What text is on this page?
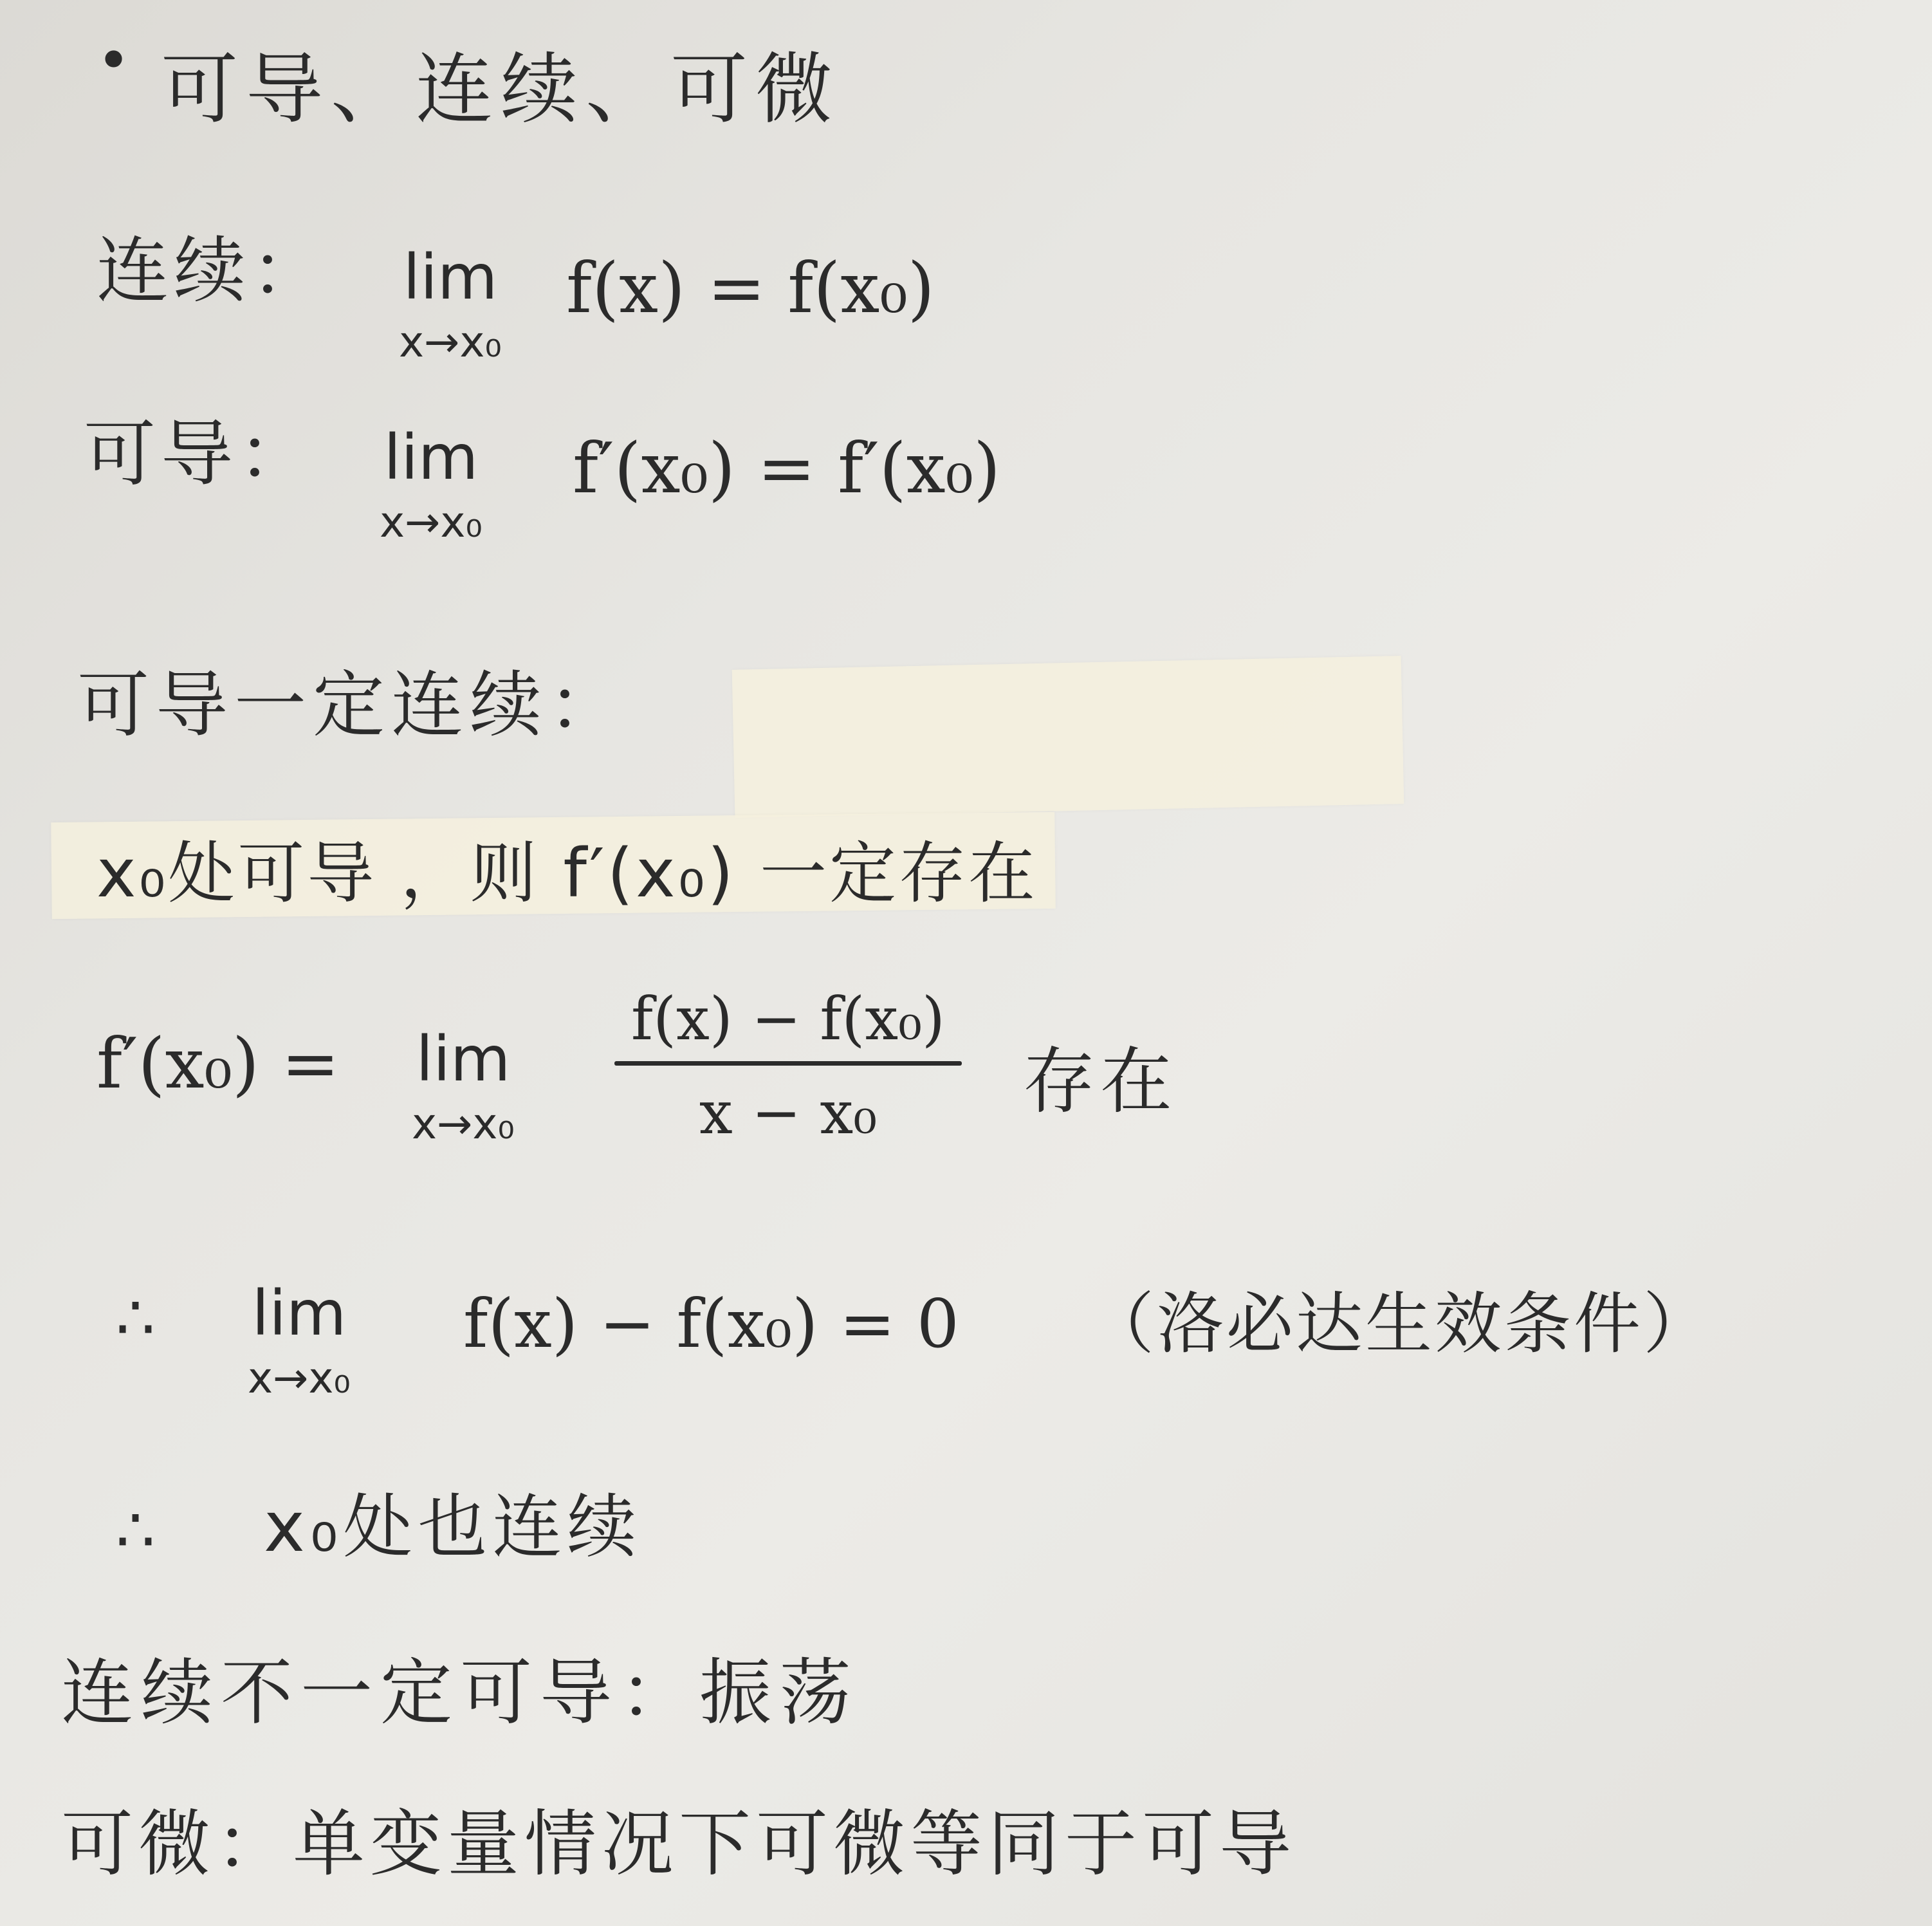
• 可导、连续、可微
连续： lim
x→x₀
f(x) = f(x₀)
可导： lim
x→x₀
f′(x₀) = f′(x₀)
可导一定连续：
x₀处可导 ，则 f′(x₀) 一定存在
f′(x₀) = lim
x→x₀
f(x) − f(x₀)
x − x₀	存在
∴ lim
x→x₀
f(x) − f(x₀) = 0 （洛必达生效条件）
∴ x₀处也连续
连续不一定可导：振荡
可微：单变量情况下可微等同于可导
